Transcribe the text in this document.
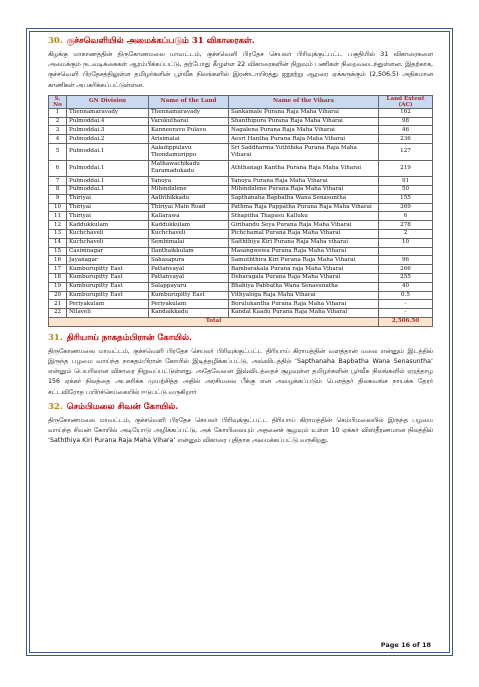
30. குச்சவெளியில் அமைக்கப்படும் 31 விகாரைகள்.

கிழக்கு மாகாணத்தின் திருகோணமலை மாவட்டம், குச்சவெளி பிரதேச செயலர் பிரிவுக்குட்பட்ட பகுதியில் 31 விகாரைகளை அமைக்கும் நடவடிக்கைகள் ஆரம்பிக்கப்பட்டு, தற்போது கீழுள்ள 22 விகாரைகளின் நிறுவும் பணிகள் நிறைவடைந்துள்ளன. இதற்காக, குச்சவெளி பிரதேசத்திலுள்ள தமிழர்களின் பூர்வீக நிலங்களில் இரண்டாயிரத்து ஐநூற்று ஆறரை ஏக்கருக்கும் (2,506.5) அதிகமான காணிகள் அபகரிக்கப்பட்டுள்ளன.

S. No	GN Division	Name of the Land	Name of the Vihara	Land Extent (AC)
1	Thennamaravady	Thennamaravady	Sankamale Purana Raja Maha Viharai	162
2	Pulmoddai.4	Varukutharai	Shanthipura Purana Raja Maha Viharai	98
3	Pulmoddai.3	Kanneeravu Pulavu	Nagalena Purana Raja Maha Viharai	46
4	Pulmoddai.2	Arisimalai	Aesri Hantha Purana Raja Maha Viharai	236
5	Pulmoddai.1	Aaladippulavu Thondamurippu	Sri Saddharma Yuththika Purana Raja Maha Viharai	127
6	Pulmoddai.1	Mathawachikadu Earamadukadu	Aththanagi Kantha Purana Raja Maha Viharai	219
7	Pulmoddai.1	Yanoya	Yanoya Purana Raja Maha Viharai	91
8	Pulmoddai.1	Mihindulene	Mihindulene Purana Raja Maha Viharai	50
9	Thiriyai	Aaththikkadu	Sapthanaha Bapbatha Wana Senasuntha	155
10	Thiriyai	Thiriyai Main Road	Pathma Raja Pappatha Purana Raja Maha Viharai	369
11	Thiriyai	Kallarawa	Sthapitha Thapasu Kalluku	6
12	Kaddukkulam	Kaddukkulam	Girihandu Seya Purana Raja Maha Viharai	278
13	Kuchchaveli	Kuchchaveli	Pichchamal Purana Raja Maha Viharai	2
14	Kuchchaveli	Sembimalai	Saiththiya Kiri Purana Raja Maha viharai	10
15	Casimnagar	Ilanthaikkulam	Masangwewa Purana Raja Maha Viharai	
16	Jayanagar	Sahasapura	Samuththira Kiri Purana Raja Maha Viharai	96
17	Kumburupitty East	Pattanvayal	Bambarakala Purana raja Maha Viharai	266
18	Kumburupitty East	Pattanvayal	Debaragala Purana Raja Maha Viharai	255
19	Kumburupitty East	Salappayaru	Bhahiya Pabbatha Wana Senasunatha	40
20	Kumburupitty East	Kumburupitty East	Vithyaloga Raja Maha Viharai	0.5
21	Periyakulam	Periyakulam	Borulukantha Purana Raja Maha Viharai	-
22	Nilaveli	Kandaikkadu	Kandal Kaadu Purana Raja Maha Viharai	-
Total				2,506.50
31. திரியாய் நாகதம்பிரான் கோயில்.

திருகோணமலை மாவட்டம், குச்சவெளி பிரதேச செயலர் பிரிவுக்குட்பட்ட திரியாய் கிராமத்தின் வளத்தான் மலை என்னும் இடத்தில் இருந்த பழமை வாய்ந்த நாகதம்பிரான் கோயில் இடித்தழிக்கப்பட்டு, அவ்விடத்தில் ‘Sapthanaha Bapbatha Wana Senasuntha’ என்னும் பெயரிலான விகாரை நிறுவப்பட்டுள்ளது. அதேவேளை இவ்விடத்தைச் சூழவுள்ள தமிழர்களின் பூர்வீக நிலங்களில் ஏறத்தாழ 156 ஏக்கர் நிலத்தை அபகரிக்க முயற்சித்த அதில் அரசிமலை பீக்கு என அழைக்கப்படும் பௌத்தர் திலகவங்ச நாயக்க தேரர் சட்டவிரோத பயிர்ச்செய்கையில் ஈடுபட்டு வருகிறார்

32. செம்பிமலை சிவன் கோயில்.

திருகோணமலை மாவட்டம், குச்சவெளி பிரதேச செயலர் பிரிவுக்குட்பட்ட திரியாய் கிராமத்தின் செம்பிமலையில் இருந்த பழமை வாய்ந்த சிவன் கோயில் அடியோடு அழிக்கப்பட்டு, அக் கோயிலையும் அதனைச் சூழவும் உள்ள 10 ஏக்கர் விஸ்தீரணமான நிலத்தில் ‘Saththiya Kiri Purana Raja Maha Vihara’ என்னும் விகாரை புதிதாக அமைக்கப்பட்டு வருகிறது.

Page 16 of 18
